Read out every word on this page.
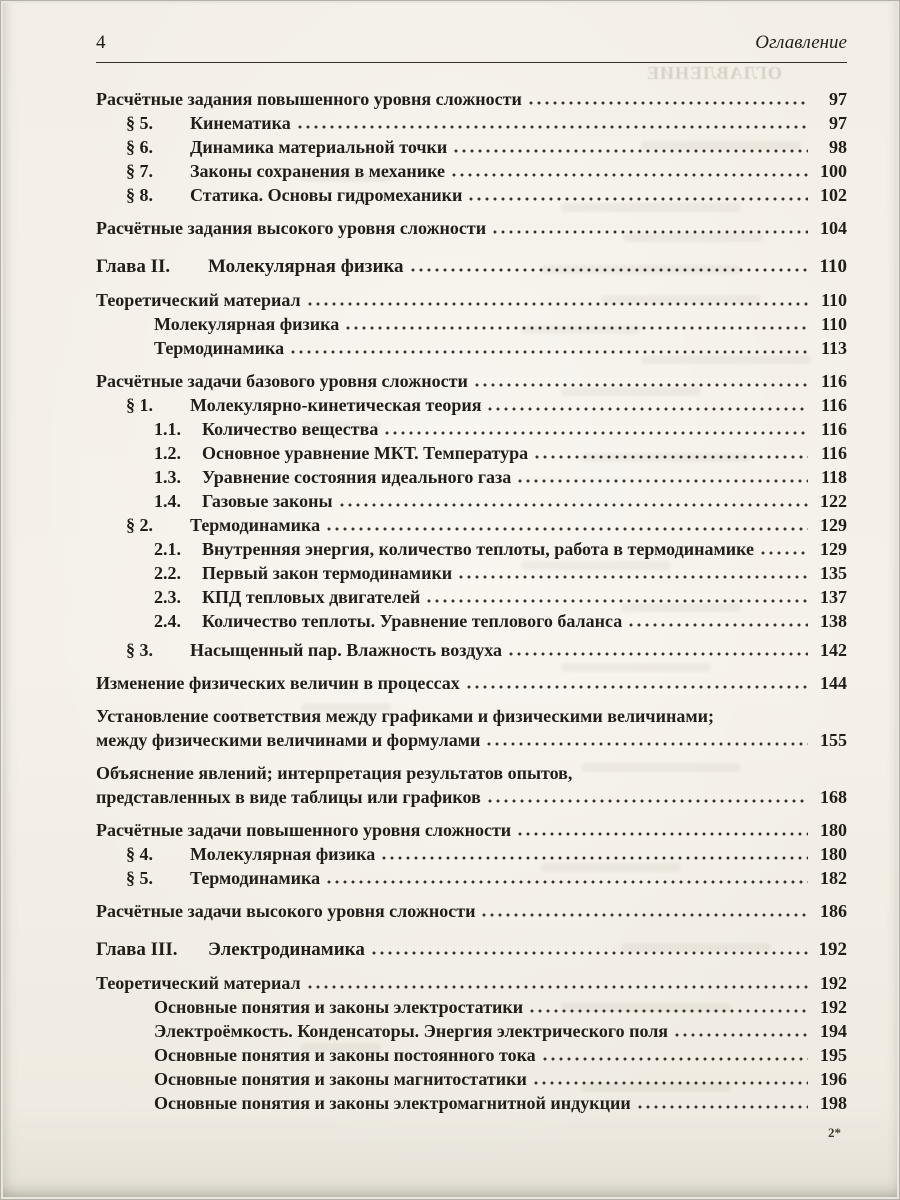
ОГЛАВЛЕНИЕ
4	Оглавление
Расчётные задания повышенного уровня сложности	97
§ 5.	Кинематика	97
§ 6.	Динамика материальной точки	98
§ 7.	Законы сохранения в механике	100
§ 8.	Статика. Основы гидромеханики	102
Расчётные задания высокого уровня сложности	104
Глава II.	Молекулярная физика	110
Теоретический материал	110
Молекулярная физика	110
Термодинамика	113
Расчётные задачи базового уровня сложности	116
§ 1.	Молекулярно-кинетическая теория	116
1.1.	Количество вещества	116
1.2.	Основное уравнение МКТ. Температура	116
1.3.	Уравнение состояния идеального газа	118
1.4.	Газовые законы	122
§ 2.	Термодинамика	129
2.1.	Внутренняя энергия, количество теплоты, работа в термодинамике	129
2.2.	Первый закон термодинамики	135
2.3.	КПД тепловых двигателей	137
2.4.	Количество теплоты. Уравнение теплового баланса	138
§ 3.	Насыщенный пар. Влажность воздуха	142
Изменение физических величин в процессах	144
Установление соответствия между графиками и физическими величинами;
между физическими величинами и формулами	155
Объяснение явлений; интерпретация результатов опытов,
представленных в виде таблицы или графиков	168
Расчётные задачи повышенного уровня сложности	180
§ 4.	Молекулярная физика	180
§ 5.	Термодинамика	182
Расчётные задачи высокого уровня сложности	186
Глава III.	Электродинамика	192
Теоретический материал	192
Основные понятия и законы электростатики	192
Электроёмкость. Конденсаторы. Энергия электрического поля	194
Основные понятия и законы постоянного тока	195
Основные понятия и законы магнитостатики	196
Основные понятия и законы электромагнитной индукции	198
2*
